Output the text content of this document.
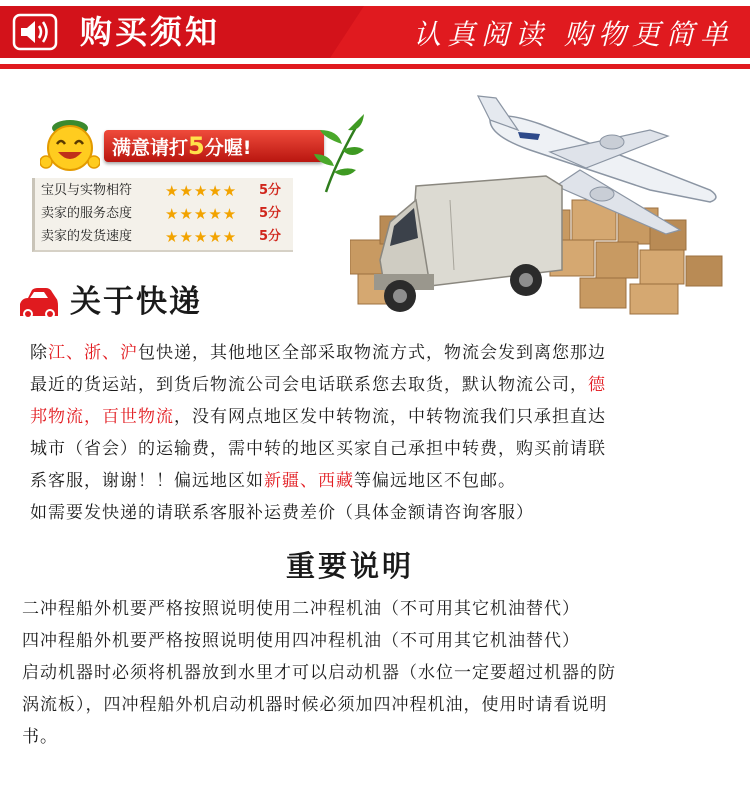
购买须知	认真阅读 购物更简单
满意请打5分喔!
宝贝与实物相符 ★★★★★ 5分
卖家的服务态度 ★★★★★ 5分
卖家的发货速度 ★★★★★ 5分
关于快递
除江、浙、沪包快递，其他地区全部采取物流方式，物流会发到离您那边
最近的货运站，到货后物流公司会电话联系您去取货，默认物流公司，德
邦物流，百世物流，没有网点地区发中转物流，中转物流我们只承担直达
城市（省会）的运输费，需中转的地区买家自己承担中转费，购买前请联
系客服，谢谢！！偏远地区如新疆、西藏等偏远地区不包邮。
如需要发快递的请联系客服补运费差价（具体金额请咨询客服）
重要说明
二冲程船外机要严格按照说明使用二冲程机油（不可用其它机油替代）
四冲程船外机要严格按照说明使用四冲程机油（不可用其它机油替代）
启动机器时必须将机器放到水里才可以启动机器（水位一定要超过机器的防
涡流板），四冲程船外机启动机器时候必须加四冲程机油，使用时请看说明
书。
